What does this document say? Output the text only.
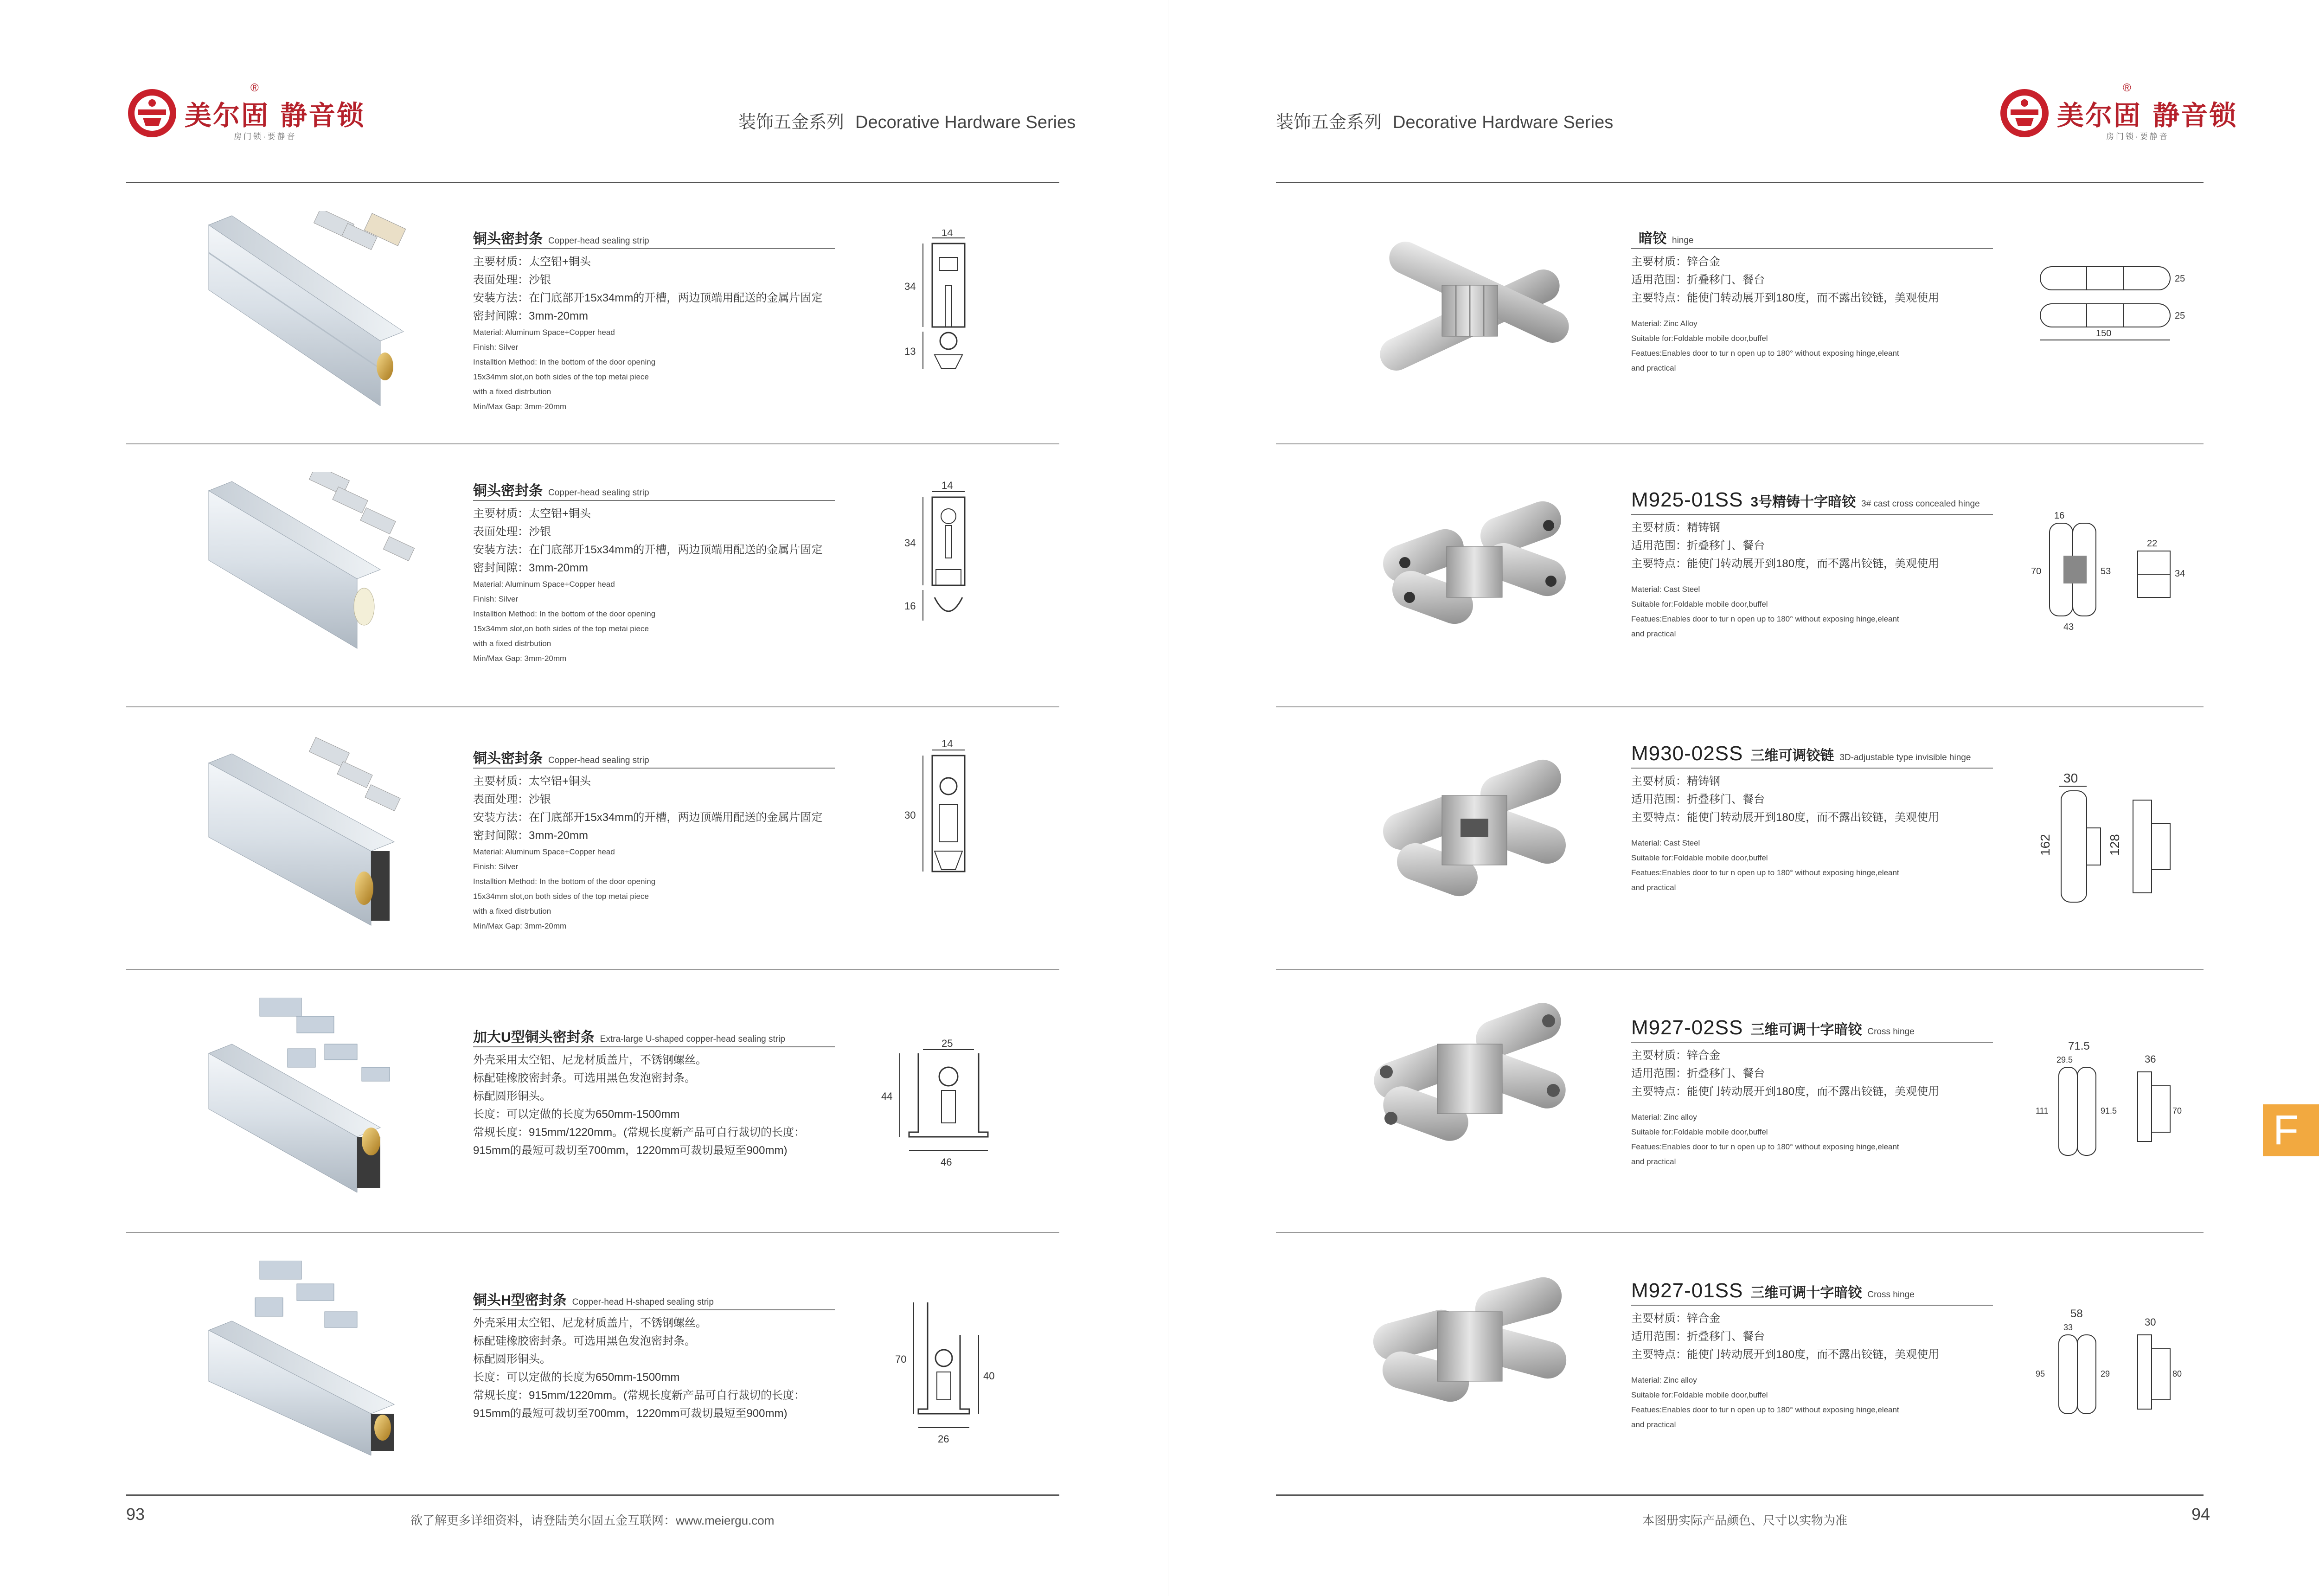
美尔固 静音锁
®
房门锁·要静音
装饰五金系列 Decorative Hardware Series
铜头密封条 Copper-head sealing strip
主要材质：太空铝+铜头
表面处理：沙银
安装方法：在门底部开15x34mm的开槽，两边顶端用配送的金属片固定
密封间隙：3mm-20mm
Material: Aluminum Space+Copper head
Finish: Silver
Installtion Method: In the bottom of the door opening
15x34mm slot,on both sides of the top metai piece
with a fixed distrbution
Min/Max Gap: 3mm-20mm
14
34
13
铜头密封条 Copper-head sealing strip
主要材质：太空铝+铜头
表面处理：沙银
安装方法：在门底部开15x34mm的开槽，两边顶端用配送的金属片固定
密封间隙：3mm-20mm
Material: Aluminum Space+Copper head
Finish: Silver
Installtion Method: In the bottom of the door opening
15x34mm slot,on both sides of the top metai piece
with a fixed distrbution
Min/Max Gap: 3mm-20mm
14
34
16
铜头密封条 Copper-head sealing strip
主要材质：太空铝+铜头
表面处理：沙银
安装方法：在门底部开15x34mm的开槽，两边顶端用配送的金属片固定
密封间隙：3mm-20mm
Material: Aluminum Space+Copper head
Finish: Silver
Installtion Method: In the bottom of the door opening
15x34mm slot,on both sides of the top metai piece
with a fixed distrbution
Min/Max Gap: 3mm-20mm
14
30
加大U型铜头密封条 Extra-large U-shaped copper-head sealing strip
外壳采用太空铝、尼龙材质盖片，不锈钢螺丝。
标配硅橡胶密封条。可选用黑色发泡密封条。
标配圆形铜头。
长度：可以定做的长度为650mm-1500mm
常规长度：915mm/1220mm。(常规长度新产品可自行裁切的长度：
915mm的最短可裁切至700mm，1220mm可裁切最短至900mm)
25
44
46
铜头H型密封条 Copper-head H-shaped sealing strip
外壳采用太空铝、尼龙材质盖片，不锈钢螺丝。
标配硅橡胶密封条。可选用黑色发泡密封条。
标配圆形铜头。
长度：可以定做的长度为650mm-1500mm
常规长度：915mm/1220mm。(常规长度新产品可自行裁切的长度：
915mm的最短可裁切至700mm，1220mm可裁切最短至900mm)
70
40
26
93	欲了解更多详细资料，请登陆美尔固五金互联网：www.meiergu.com
装饰五金系列 Decorative Hardware Series	美尔固 静音锁
®
房门锁·要静音
暗铰 hinge
主要材质：锌合金
适用范围：折叠移门、餐台
主要特点：能使门转动展开到180度，而不露出铰链，美观使用
Material: Zinc Alloy
Suitable for:Foldable mobile door,buffel
Featues:Enables door to tur n open up to 180° without exposing hinge,eleant
and practical
25
25
150
M925-01SS 3号精铸十字暗铰 3# cast cross concealed hinge
主要材质：精铸钢
适用范围：折叠移门、餐台
主要特点：能使门转动展开到180度，而不露出铰链，美观使用
Material: Cast Steel
Suitable for:Foldable mobile door,buffel
Featues:Enables door to tur n open up to 180° without exposing hinge,eleant
and practical
16
70	53
43
22
34
M930-02SS 三维可调铰链 3D-adjustable type invisible hinge
主要材质：精铸钢
适用范围：折叠移门、餐台
主要特点：能使门转动展开到180度，而不露出铰链，美观使用
Material: Cast Steel
Suitable for:Foldable mobile door,buffel
Featues:Enables door to tur n open up to 180° without exposing hinge,eleant
and practical
30
162	128
M927-02SS 三维可调十字暗铰 Cross hinge
主要材质：锌合金
适用范围：折叠移门、餐台
主要特点：能使门转动展开到180度，而不露出铰链，美观使用
Material: Zinc alloy
Suitable for:Foldable mobile door,buffel
Featues:Enables door to tur n open up to 180° without exposing hinge,eleant
and practical
71.5
29.5
111	91.5
36
70
M927-01SS 三维可调十字暗铰 Cross hinge
主要材质：锌合金
适用范围：折叠移门、餐台
主要特点：能使门转动展开到180度，而不露出铰链，美观使用
Material: Zinc alloy
Suitable for:Foldable mobile door,buffel
Featues:Enables door to tur n open up to 180° without exposing hinge,eleant
and practical
58
33
95	29
30
80
本图册实际产品颜色、尺寸以实物为准	94
F
